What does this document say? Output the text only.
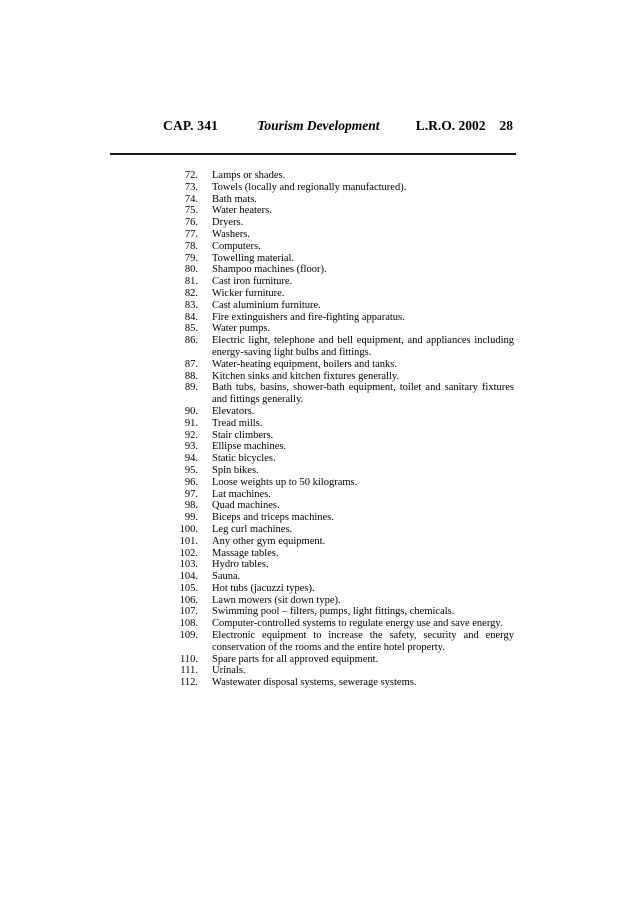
CAP. 341	Tourism Development	L.R.O. 2002 28
72. Lamps or shades.
73. Towels (locally and regionally manufactured).
74. Bath mats.
75. Water heaters.
76. Dryers.
77. Washers.
78. Computers.
79. Towelling material.
80. Shampoo machines (floor).
81. Cast iron furniture.
82. Wicker furniture.
83. Cast aluminium furniture.
84. Fire extinguishers and fire-fighting apparatus.
85. Water pumps.
86. Electric light, telephone and bell equipment, and appliances including energy-saving light bulbs and fittings.
87. Water-heating equipment, boilers and tanks.
88. Kitchen sinks and kitchen fixtures generally.
89. Bath tubs, basins, shower-bath equipment, toilet and sanitary fixtures and fittings generally.
90. Elevators.
91. Tread mills.
92. Stair climbers.
93. Ellipse machines.
94. Static bicycles.
95. Spin bikes.
96. Loose weights up to 50 kilograms.
97. Lat machines.
98. Quad machines.
99. Biceps and triceps machines.
100. Leg curl machines.
101. Any other gym equipment.
102. Massage tables.
103. Hydro tables.
104. Sauna.
105. Hot tubs (jacuzzi types).
106. Lawn mowers (sit down type).
107. Swimming pool – filters, pumps, light fittings, chemicals.
108. Computer-controlled systems to regulate energy use and save energy.
109. Electronic equipment to increase the safety, security and energy conservation of the rooms and the entire hotel property.
110. Spare parts for all approved equipment.
111. Urinals.
112. Wastewater disposal systems, sewerage systems.
